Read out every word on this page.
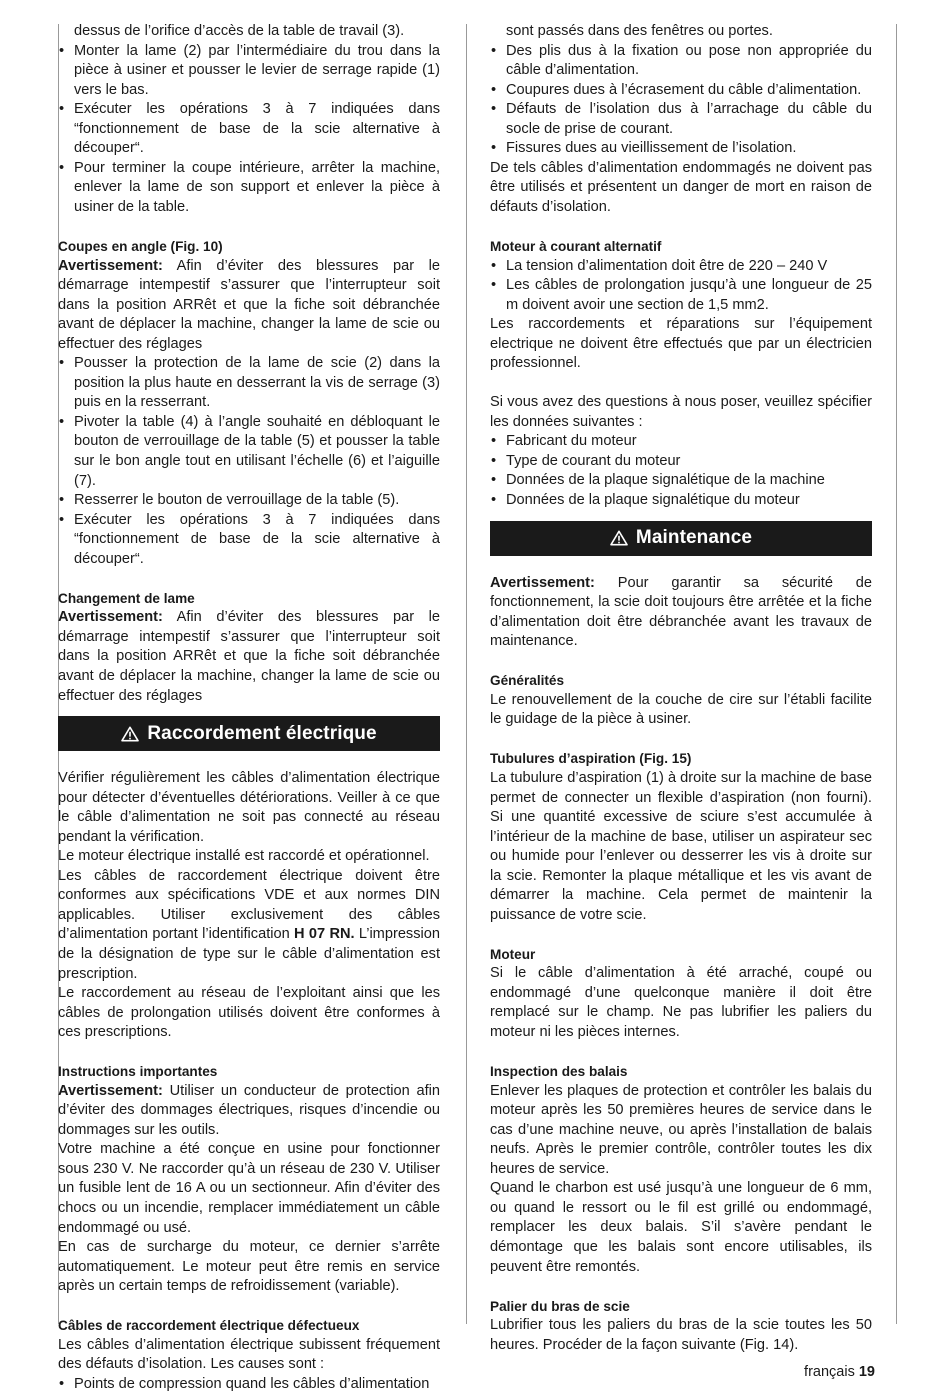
dessus de l’orifice d’accès de la table de travail (3).
• Monter la lame (2) par l’intermédiaire du trou dans la pièce à usiner et pousser le levier de serrage rapide (1) vers le bas.
• Exécuter les opérations 3 à 7 indiquées dans “fonctionnement de base de la scie alternative à découper“.
• Pour terminer la coupe intérieure, arrêter la machine, enlever la lame de son support et enlever la pièce à usiner de la table.

Coupes en angle (Fig. 10)

Avertissement: Afin d’éviter des blessures par le démarrage intempestif s’assurer que l’interrupteur soit dans la position ARRêt et que la fiche soit débranchée avant de déplacer la machine, changer la lame de scie ou effectuer des réglages

• Pousser la protection de la lame de scie (2) dans la position la plus haute en desserrant la vis de serrage (3) puis en la resserrant.
• Pivoter la table (4) à l’angle souhaité en débloquant le bouton de verrouillage de la table (5) et pousser la table sur le bon angle tout en utilisant l’échelle (6) et l’aiguille (7).
• Resserrer le bouton de verrouillage de la table (5).
• Exécuter les opérations 3 à 7 indiquées dans “fonctionnement de base de la scie alternative à découper“.

Changement de lame

Avertissement: Afin d’éviter des blessures par le démarrage intempestif s’assurer que l’interrupteur soit dans la position ARRêt et que la fiche soit débranchée avant de déplacer la machine, changer la lame de scie ou effectuer des réglages

Raccordement électrique

Vérifier régulièrement les câbles d’alimentation électrique pour détecter d’éventuelles détériorations. Veiller à ce que le câble d’alimentation ne soit pas connecté au réseau pendant la vérification.

Le moteur électrique installé est raccordé et opérationnel.

Les câbles de raccordement électrique doivent être conformes aux spécifications VDE et aux normes DIN applicables. Utiliser exclusivement des câbles d’alimentation portant l’identification H 07 RN. L’impression de la désignation de type sur le câble d’alimentation est prescription.

Le raccordement au réseau de l’exploitant ainsi que les câbles de prolongation utilisés doivent être conformes à ces prescriptions.

Instructions importantes

Avertissement: Utiliser un conducteur de protection afin d’éviter des dommages électriques, risques d’incendie ou dommages sur les outils.

Votre machine a été conçue en usine pour fonctionner sous 230 V. Ne raccorder qu’à un réseau de 230 V. Utiliser un fusible lent de 16 A ou un sectionneur. Afin d’éviter des chocs ou un incendie, remplacer immédiatement un câble endommagé ou usé.

En cas de surcharge du moteur, ce dernier s’arrête automatiquement. Le moteur peut être remis en service après un certain temps de refroidissement (variable).

Câbles de raccordement électrique défectueux

Les câbles d’alimentation électrique subissent fréquement des défauts d’isolation. Les causes sont :

• Points de compression quand les câbles d’alimentation
sont passés dans des fenêtres ou portes.
• Des plis dus à la fixation ou pose non appropriée du câble d’alimentation.
• Coupures dues à l’écrasement du câble d’alimentation.
• Défauts de l’isolation dus à l’arrachage du câble du socle de prise de courant.
• Fissures dues au vieillissement de l’isolation.

De tels câbles d’alimentation endommagés ne doivent pas être utilisés et présentent un danger de mort en raison de défauts d’isolation.

Moteur à courant alternatif

• La tension d’alimentation doit être de 220 – 240 V
• Les câbles de prolongation jusqu’à une longueur de 25 m doivent avoir une section de 1,5 mm2.

Les raccordements et réparations sur l’équipement electrique ne doivent être effectués que par un électricien professionnel.

Si vous avez des questions à nous poser, veuillez spécifier les données suivantes :

• Fabricant du moteur
• Type de courant du moteur
• Données de la plaque signalétique de la machine
• Données de la plaque signalétique du moteur
Maintenance

Avertissement: Pour garantir sa sécurité de fonctionnement, la scie doit toujours être arrêtée et la fiche d’alimentation doit être débranchée avant les travaux de maintenance.

Généralités

Le renouvellement de la couche de cire sur l’établi facilite le guidage de la pièce à usiner.

Tubulures d’aspiration (Fig. 15)

La tubulure d’aspiration (1) à droite sur la machine de base permet de connecter un flexible d’aspiration (non fourni). Si une quantité excessive de sciure s’est accumulée à l’intérieur de la machine de base, utiliser un aspirateur sec ou humide pour l’enlever ou desserrer les vis à droite sur la scie. Remonter la plaque métallique et les vis avant de démarrer la machine. Cela permet de maintenir la puissance de votre scie.

Moteur

Si le câble d’alimentation à été arraché, coupé ou endommagé d’une quelconque manière il doit être remplacé sur le champ. Ne pas lubrifier les paliers du moteur ni les pièces internes.

Inspection des balais

Enlever les plaques de protection et contrôler les balais du moteur après les 50 premières heures de service dans le cas d’une machine neuve, ou après l’installation de balais neufs. Après le premier contrôle, contrôler toutes les dix heures de service.

Quand le charbon est usé jusqu’à une longueur de 6 mm, ou quand le ressort ou le fil est grillé ou endommagé, remplacer les deux balais. S’il s’avère pendant le démontage que les balais sont encore utilisables, ils peuvent être remontés.

Palier du bras de scie

Lubrifier tous les paliers du bras de la scie toutes les 50 heures. Procéder de la façon suivante (Fig. 14).

français 19
